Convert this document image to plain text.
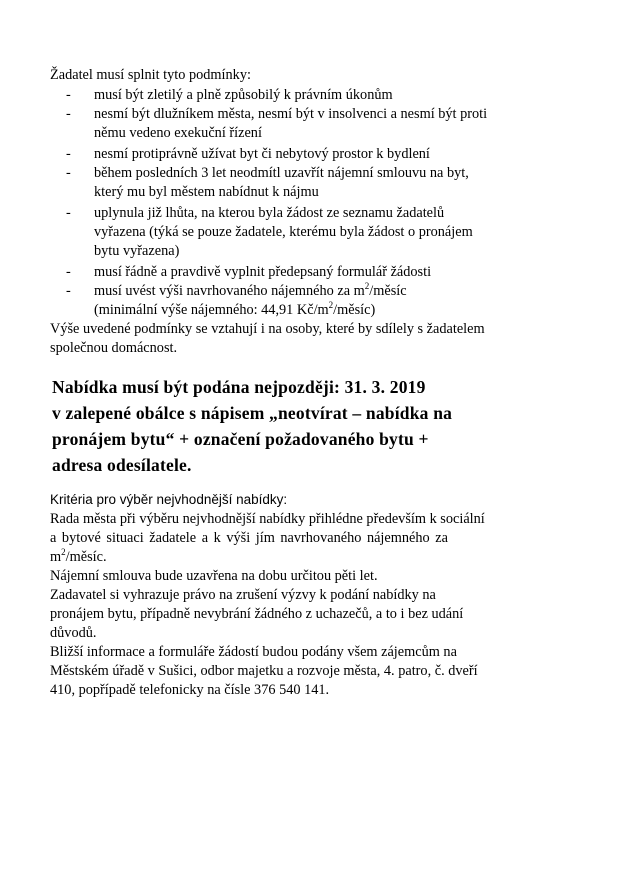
Žadatel musí splnit tyto podmínky:
- musí být zletilý a plně způsobilý k právním úkonům
- nesmí být dlužníkem města, nesmí být v insolvenci a nesmí být proti
němu vedeno exekuční řízení
- nesmí protiprávně užívat byt či nebytový prostor k bydlení
- během posledních 3 let neodmítl uzavřít nájemní smlouvu na byt,
který mu byl městem nabídnut k nájmu
- uplynula již lhůta, na kterou byla žádost ze seznamu žadatelů
vyřazena (týká se pouze žadatele, kterému byla žádost o pronájem
bytu vyřazena)
- musí řádně a pravdivě vyplnit předepsaný formulář žádosti
- musí uvést výši navrhovaného nájemného za $m^2$/měsíc
(minimální výše nájemného: 44,91 $Kč/m^2/měsíc$)
Výše uvedené podmínky se vztahují i na osoby, které by sdílely s žadatelem
společnou domácnost.
Nabídka musí být podána nejpozději: 31. 3. 2019
v zalepené obálce s nápisem „neotvírat – nabídka na
pronájem bytu“ + označení požadovaného bytu +
adresa odesílatele.
Kritéria pro výběr nejvhodnější nabídky:
Rada města při výběru nejvhodnější nabídky přihlédne především k sociální
a bytové situaci žadatele a k výši jím navrhovaného nájemného za
$m^2$/měsíc.
Nájemní smlouva bude uzavřena na dobu určitou pěti let.
Zadavatel si vyhrazuje právo na zrušení výzvy k podání nabídky na
pronájem bytu, případně nevybrání žádného z uchazečů, a to i bez udání
důvodů.
Bližší informace a formuláře žádostí budou podány všem zájemcům na
Městském úřadě v Sušici, odbor majetku a rozvoje města, 4. patro, č. dveří
410, popřípadě telefonicky na čísle 376 540 141.
